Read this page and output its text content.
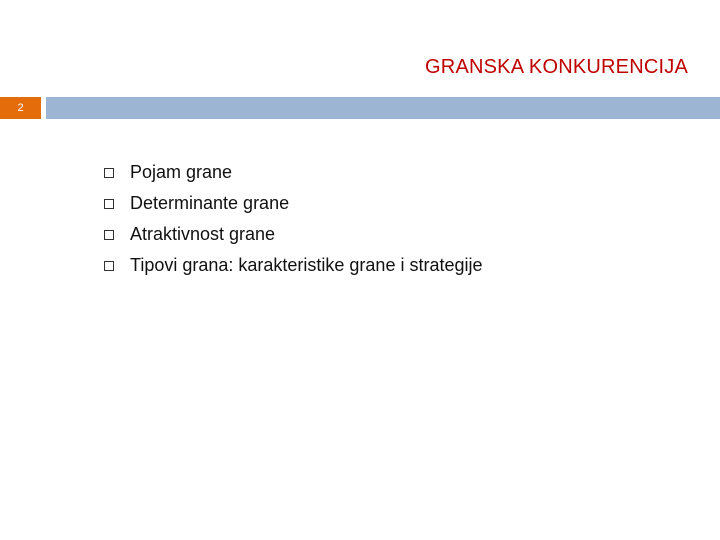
GRANSKA KONKURENCIJA
2
Pojam grane
Determinante grane
Atraktivnost grane
Tipovi grana: karakteristike grane i strategije
